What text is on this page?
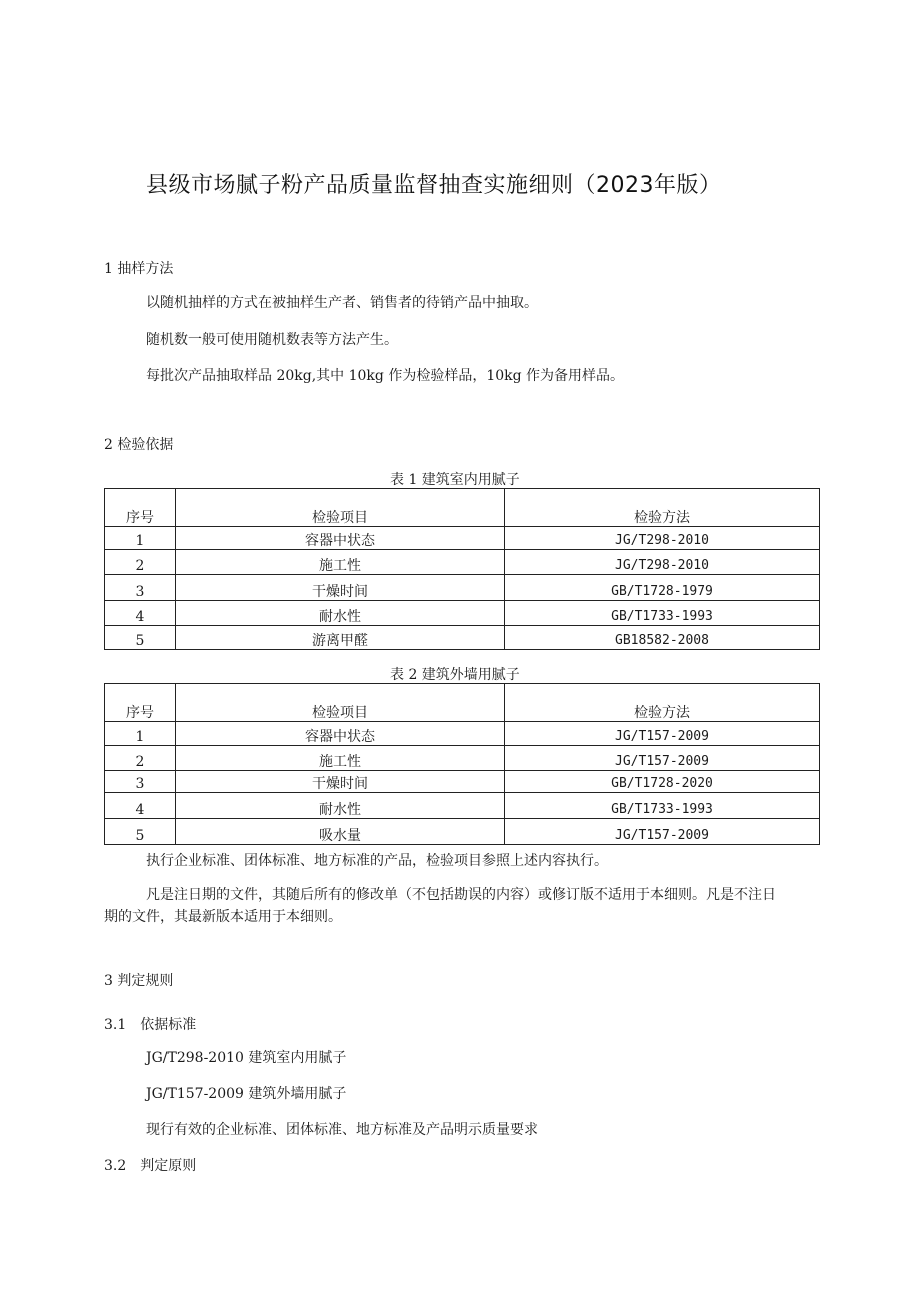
县级市场腻子粉产品质量监督抽查实施细则（2023年版）
1 抽样方法
以随机抽样的方式在被抽样生产者、销售者的待销产品中抽取。
随机数一般可使用随机数表等方法产生。
每批次产品抽取样品 20kg,其中 10kg 作为检验样品，10kg 作为备用样品。
2 检验依据
表 1 建筑室内用腻子
序号	检验项目	检验方法
1	容器中状态	JG/T298-2010
2	施工性	JG/T298-2010
3	干燥时间	GB/T1728-1979
4	耐水性	GB/T1733-1993
5	游离甲醛	GB18582-2008
表 2 建筑外墙用腻子
序号	检验项目	检验方法
1	容器中状态	JG/T157-2009
2	施工性	JG/T157-2009
3	干燥时间	GB/T1728-2020
4	耐水性	GB/T1733-1993
5	吸水量	JG/T157-2009
执行企业标准、团体标准、地方标准的产品，检验项目参照上述内容执行。
凡是注日期的文件，其随后所有的修改单（不包括勘误的内容）或修订版不适用于本细则。凡是不注日期的文件，其最新版本适用于本细则。
3 判定规则
3.1　依据标准
JG/T298-2010 建筑室内用腻子
JG/T157-2009 建筑外墙用腻子
现行有效的企业标准、团体标准、地方标准及产品明示质量要求
3.2　判定原则
